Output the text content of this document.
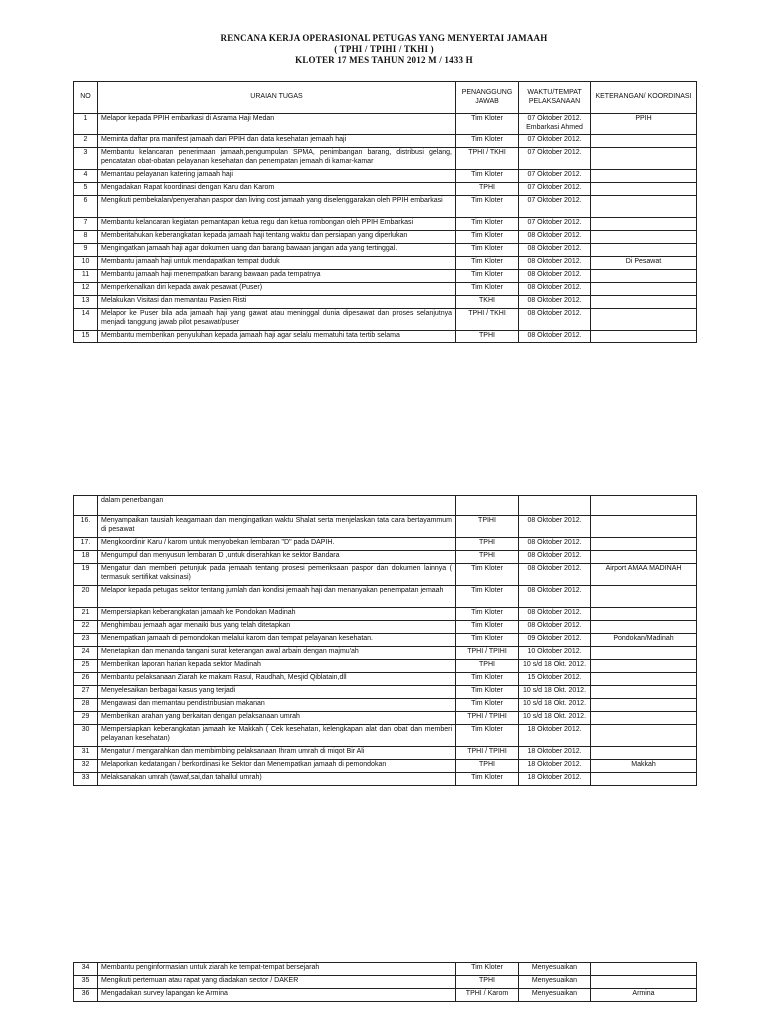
RENCANA KERJA OPERASIONAL PETUGAS YANG MENYERTAI JAMAAH
( TPHI / TPIHI / TKHI )
KLOTER 17 MES TAHUN 2012 M / 1433 H
NO	URAIAN TUGAS	PENANGGUNG JAWAB	WAKTU/TEMPAT PELAKSANAAN	KETERANGAN/ KOORDINASI
1	Melapor kepada PPIH embarkasi di Asrama Haji Medan	Tim Kloter	07 Oktober 2012. Embarkasi Ahmed	PPIH
2	Meminta daftar pra manifest jamaah dari PPIH dan data kesehatan jemaah haji	Tim Kloter	07 Oktober 2012.	
3	Membantu kelancaran penerimaan jamaah,pengumpulan SPMA, penimbangan barang, distribusi gelang, pencatatan obat-obatan pelayanan kesehatan dan penempatan jemaah di kamar-kamar	TPHI / TKHI	07 Oktober 2012.	
4	Memantau pelayanan katering jamaah haji	Tim Kloter	07 Oktober 2012.	
5	Mengadakan Rapat koordinasi dengan Karu dan Karom	TPHI	07 Oktober 2012.	
6	Mengikuti pembekalan/penyerahan paspor dan living cost jamaah yang diselenggarakan oleh PPIH embarkasi	Tim Kloter	07 Oktober 2012.	
7	Membantu kelancaran kegiatan pemantapan ketua regu dan ketua rombongan oleh PPIH Embarkasi	Tim Kloter	07 Oktober 2012.	
8	Memberitahukan keberangkatan kepada jamaah haji tentang waktu dan persiapan yang diperlukan	Tim Kloter	08 Oktober 2012.	
9	Mengingatkan jamaah haji agar dokumen uang dan barang bawaan jangan ada yang tertinggal.	Tim Kloter	08 Oktober 2012.	
10	Membantu jamaah haji untuk mendapatkan tempat duduk	Tim Kloter	08 Oktober 2012.	Di Pesawat
11	Membantu jamaah haji menempatkan barang bawaan pada tempatnya	Tim Kloter	08 Oktober 2012.	
12	Memperkenalkan diri kepada awak pesawat (Puser)	Tim Kloter	08 Oktober 2012.	
13	Melakukan Visitasi dan memantau Pasien Risti	TKHI	08 Oktober 2012.	
14	Melapor ke Puser bila ada jamaah haji yang gawat atau meninggal dunia dipesawat dan proses selanjutnya menjadi tanggung jawab pilot pesawat/puser	TPHI / TKHI	08 Oktober 2012.	
15	Membantu memberikan penyuluhan kepada jamaah haji agar selalu mematuhi tata tertib selama	TPHI	08 Oktober 2012.	
	dalam penerbangan			
16.	Menyampaikan tausiah keagamaan dan mengingatkan waktu Shalat serta menjelaskan tata cara bertayammum di pesawat	TPIHI	08 Oktober 2012.	
17.	Mengkoordinir Karu / karom untuk menyobekan lembaran "D" pada DAPIH.	TPHI	08 Oktober 2012.	
18	Mengumpul dan menyusun lembaran D ,untuk diserahkan ke sektor Bandara	TPHI	08 Oktober 2012.	
19	Mengatur dan memberi petunjuk pada jemaah tentang prosesi pemeriksaan paspor dan dokumen lainnya ( termasuk sertifikat vaksinasi)	Tim Kloter	08 Oktober 2012.	Airport AMAA MADINAH
20	Melapor kepada petugas sektor tentang jumlah dan kondisi jemaah haji dan menanyakan penempatan jemaah	Tim Kloter	08 Oktober 2012.	
21	Mempersiapkan keberangkatan jamaah ke Pondokan Madinah	Tim Kloter	08 Oktober 2012.	
22	Menghimbau jemaah agar menaiki bus yang telah ditetapkan	Tim Kloter	08 Oktober 2012.	
23	Menempatkan jamaah di pemondokan melalui karom dan tempat pelayanan kesehatan.	Tim Kloter	09 Oktober 2012.	Pondokan/Madinah
24	Menetapkan dan menanda tangani surat keterangan awal arbain dengan majmu'ah	TPHI / TPIHI	10 Oktober 2012.	
25	Memberikan laporan harian kepada sektor Madinah	TPHI	10 s/d 18 Okt. 2012.	
26	Membantu pelaksanaan Ziarah ke makam Rasul, Raudhah, Mesjid Qiblatain,dll	Tim Kloter	15 Oktober 2012.	
27	Menyelesaikan berbagai kasus yang terjadi	Tim Kloter	10 s/d 18 Okt. 2012.	
28	Mengawasi dan memantau pendistribusian makanan	Tim Kloter	10 s/d 18 Okt. 2012.	
29	Memberikan arahan yang berkaitan dengan pelaksanaan umrah	TPHI / TPIHI	10 s/d 18 Okt. 2012.	
30	Mempersiapkan keberangkatan jamaah ke Makkah ( Cek kesehatan, kelengkapan alat dan obat dan memberi pelayanan kesehatan)	Tim Kloter	18 Oktober 2012.	
31	Mengatur / mengarahkan dan membimbing pelaksanaan Ihram umrah di miqot Bir Ali	TPHI / TPIHI	18 Oktober 2012.	
32	Melaporkan kedatangan / berkordinasi ke Sektor dan Menempatkan jamaah di pemondokan	TPHI	18 Oktober 2012.	Makkah
33	Melaksanakan umrah (tawaf,sai,dan tahallul umrah)	Tim Kloter	18 Oktober 2012.	
34	Membantu penginformasian untuk ziarah ke tempat-tempat bersejarah	Tim Kloter	Menyesuaikan	
35	Mengikuti pertemuan atau rapat yang diadakan sector / DAKER	TPHI	Menyesuaikan	
36	Mengadakan survey lapangan ke Armina	TPHI / Karom	Menyesuaikan	Armina
